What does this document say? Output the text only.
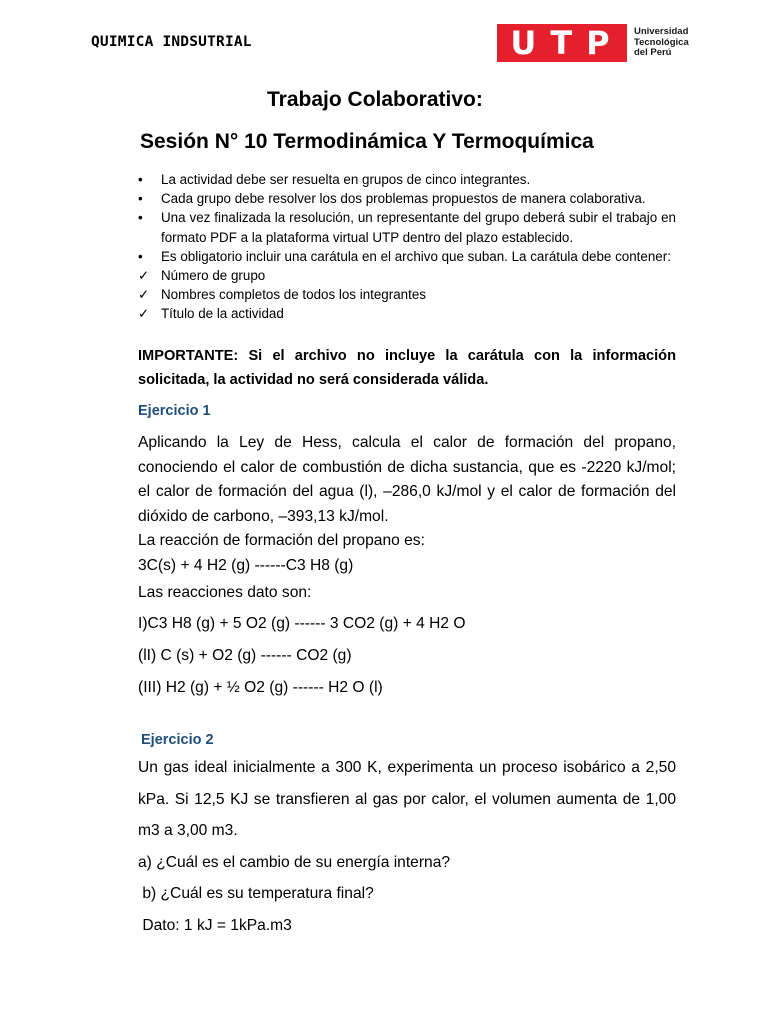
QUIMICA INDSUTRIAL	UTP Universidad
Tecnológica
del Perú
Trabajo Colaborativo:
Sesión N° 10 Termodinámica Y Termoquímica
• La actividad debe ser resuelta en grupos de cinco integrantes.
• Cada grupo debe resolver los dos problemas propuestos de manera colaborativa.
• Una vez finalizada la resolución, un representante del grupo deberá subir el trabajo en formato PDF a la plataforma virtual UTP dentro del plazo establecido.
• Es obligatorio incluir una carátula en el archivo que suban. La carátula debe contener:
✓ Número de grupo
✓ Nombres completos de todos los integrantes
✓ Título de la actividad
IMPORTANTE: Si el archivo no incluye la carátula con la información solicitada, la actividad no será considerada válida.
Ejercicio 1
Aplicando la Ley de Hess, calcula el calor de formación del propano, conociendo el calor de combustión de dicha sustancia, que es -2220 kJ/mol; el calor de formación del agua (l), –286,0 kJ/mol y el calor de formación del dióxido de carbono, –393,13 kJ/mol.
La reacción de formación del propano es:
3C(s) + 4 H2 (g) ------C3 H8 (g)
Las reacciones dato son:
I)C3 H8 (g) + 5 O2 (g) ------ 3 CO2 (g) + 4 H2 O
(lI) C (s) + O2 (g) ------ CO2 (g)
(III) H2 (g) + ½ O2 (g) ------ H2 O (l)
Ejercicio 2
Un gas ideal inicialmente a 300 K, experimenta un proceso isobárico a 2,50 kPa. Si 12,5 KJ se transfieren al gas por calor, el volumen aumenta de 1,00 m3 a 3,00 m3.
a) ¿Cuál es el cambio de su energía interna?
b) ¿Cuál es su temperatura final?
Dato: 1 kJ = 1kPa.m3
